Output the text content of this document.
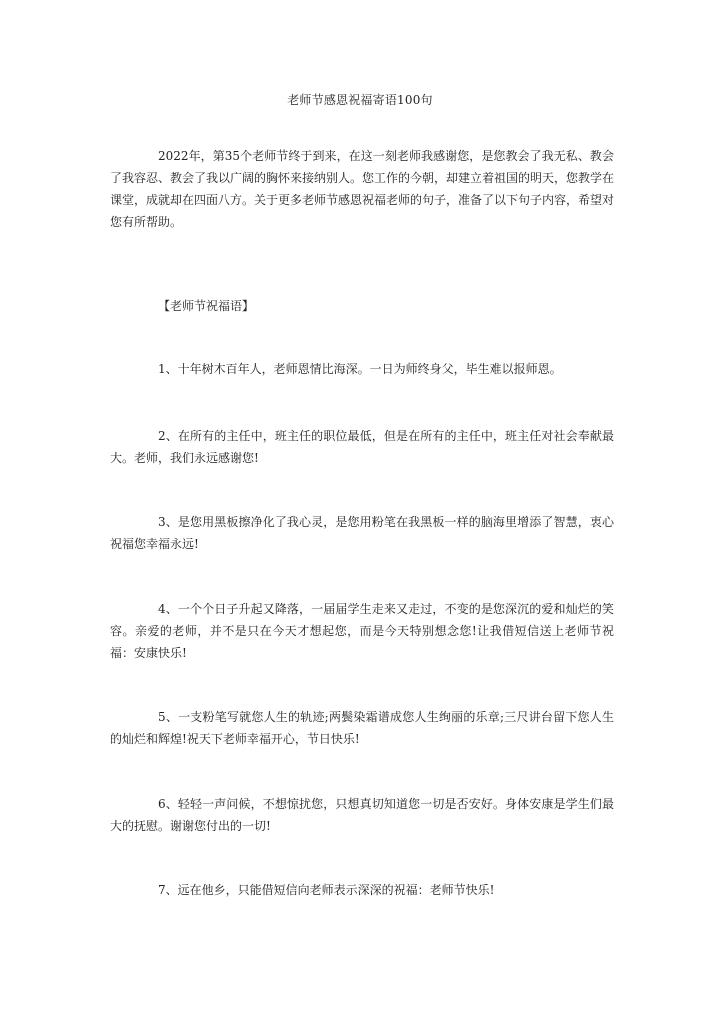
老师节感恩祝福寄语100句

2022年，第35个老师节终于到来，在这一刻老师我感谢您，是您教会了我无私、教会了我容忍、教会了我以广阔的胸怀来接纳别人。您工作的今朝，却建立着祖国的明天，您教学在课堂，成就却在四面八方。关于更多老师节感恩祝福老师的句子，准备了以下句子内容，希望对您有所帮助。

【老师节祝福语】

1、十年树木百年人，老师恩情比海深。一日为师终身父，毕生难以报师恩。

2、在所有的主任中，班主任的职位最低，但是在所有的主任中，班主任对社会奉献最大。老师，我们永远感谢您!

3、是您用黑板擦净化了我心灵，是您用粉笔在我黑板一样的脑海里增添了智慧，衷心祝福您幸福永远!

4、一个个日子升起又降落，一届届学生走来又走过，不变的是您深沉的爱和灿烂的笑容。亲爱的老师，并不是只在今天才想起您，而是今天特别想念您!让我借短信送上老师节祝福：安康快乐!

5、一支粉笔写就您人生的轨迹;两鬓染霜谱成您人生绚丽的乐章;三尺讲台留下您人生的灿烂和辉煌!祝天下老师幸福开心，节日快乐!

6、轻轻一声问候，不想惊扰您，只想真切知道您一切是否安好。身体安康是学生们最大的抚慰。谢谢您付出的一切!

7、远在他乡，只能借短信向老师表示深深的祝福：老师节快乐!
